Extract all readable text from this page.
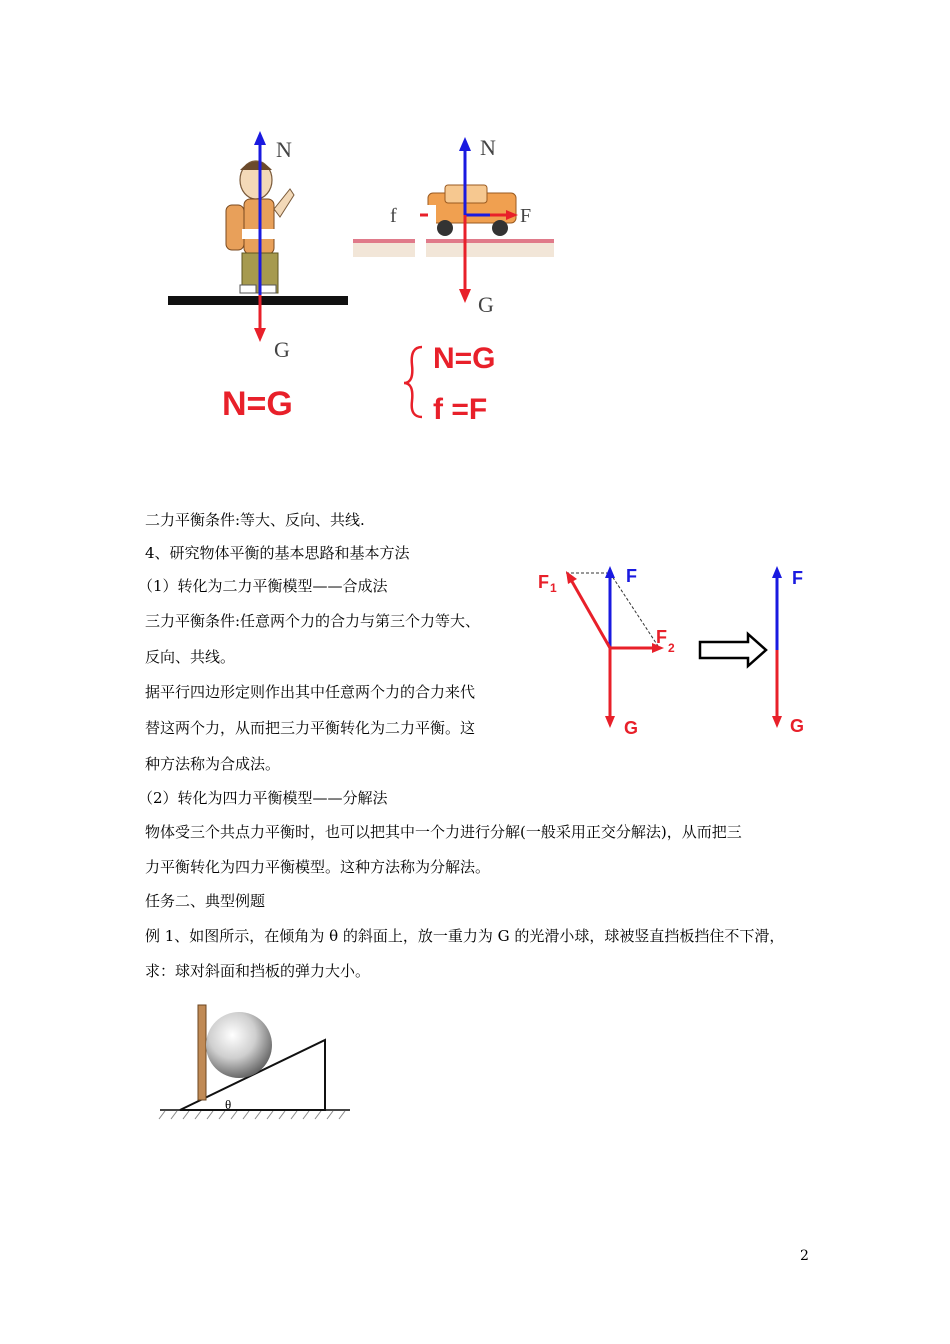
N
G
N=G
f	F
N
G
N=G
f =F
二力平衡条件:等大、反向、共线.
4、研究物体平衡的基本思路和基本方法
（1）转化为二力平衡模型——合成法
三力平衡条件:任意两个力的合力与第三个力等大、
反向、共线。
据平行四边形定则作出其中任意两个力的合力来代
替这两个力，从而把三力平衡转化为二力平衡。这
种方法称为合成法。
（2）转化为四力平衡模型——分解法
物体受三个共点力平衡时，也可以把其中一个力进行分解(一般采用正交分解法)，从而把三
力平衡转化为四力平衡模型。这种方法称为分解法。
任务二、典型例题
例 1、如图所示，在倾角为 θ 的斜面上，放一重力为 G 的光滑小球，球被竖直挡板挡住不下滑，
求：球对斜面和挡板的弹力大小。
F 1
F
F
2
G
F
G
θ
2
